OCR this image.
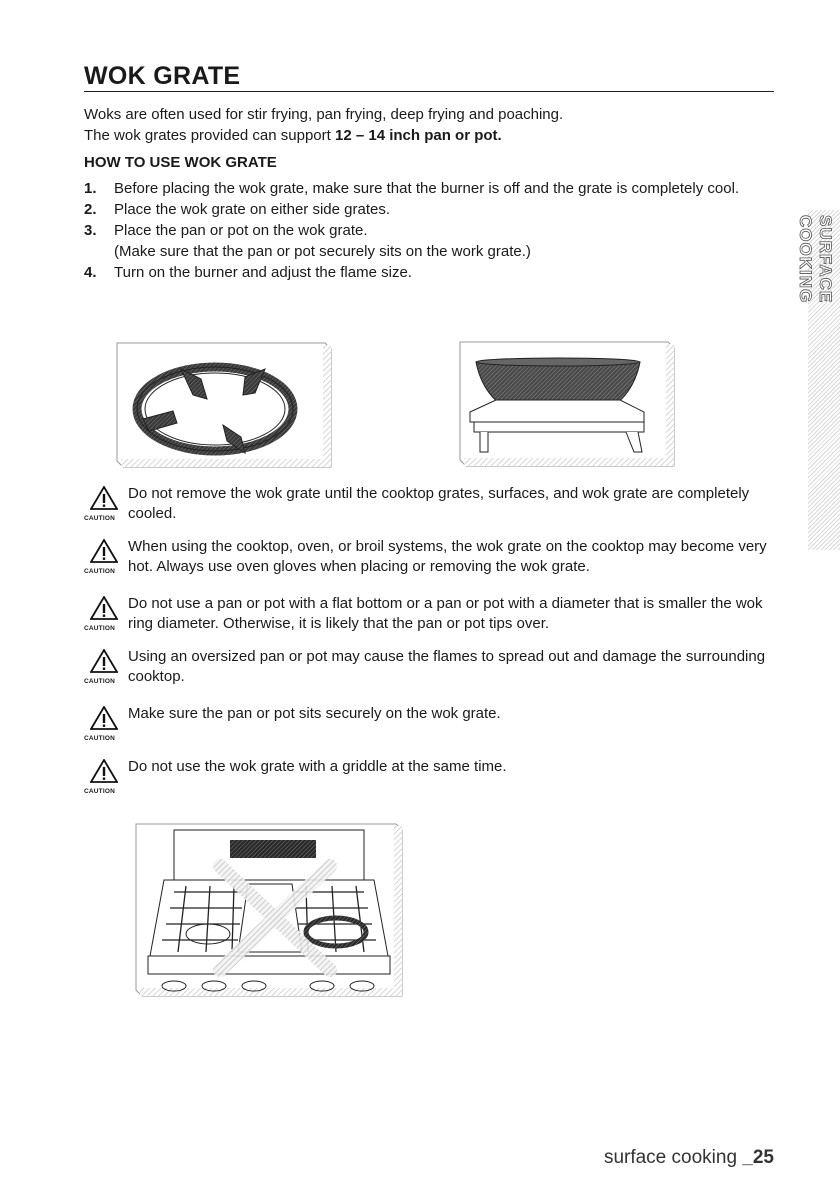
WOK GRATE
Woks are often used for stir frying, pan frying, deep frying and poaching.
The wok grates provided can support 12 – 14 inch pan or pot.
HOW TO USE WOK GRATE
1.	Before placing the wok grate, make sure that the burner is off and the grate is completely cool.
2.	Place the wok grate on either side grates.
3.	Place the pan or pot on the wok grate.
(Make sure that the pan or pot securely sits on the work grate.)
4.	Turn on the burner and adjust the flame size.
CAUTION
Do not remove the wok grate until the cooktop grates, surfaces, and wok grate are completely cooled.
CAUTION
When using the cooktop, oven, or broil systems, the wok grate on the cooktop may become very hot. Always use oven gloves when placing or removing the wok grate.
CAUTION
Do not use a pan or pot with a flat bottom or a pan or pot with a diameter that is smaller the wok ring diameter. Otherwise, it is likely that the pan or pot tips over.
CAUTION
Using an oversized pan or pot may cause the flames to spread out and damage the surrounding cooktop.
CAUTION
Make sure the pan or pot sits securely on the wok grate.
CAUTION
Do not use the wok grate with a griddle at the same time.
SURFACE COOKING
surface cooking _25
